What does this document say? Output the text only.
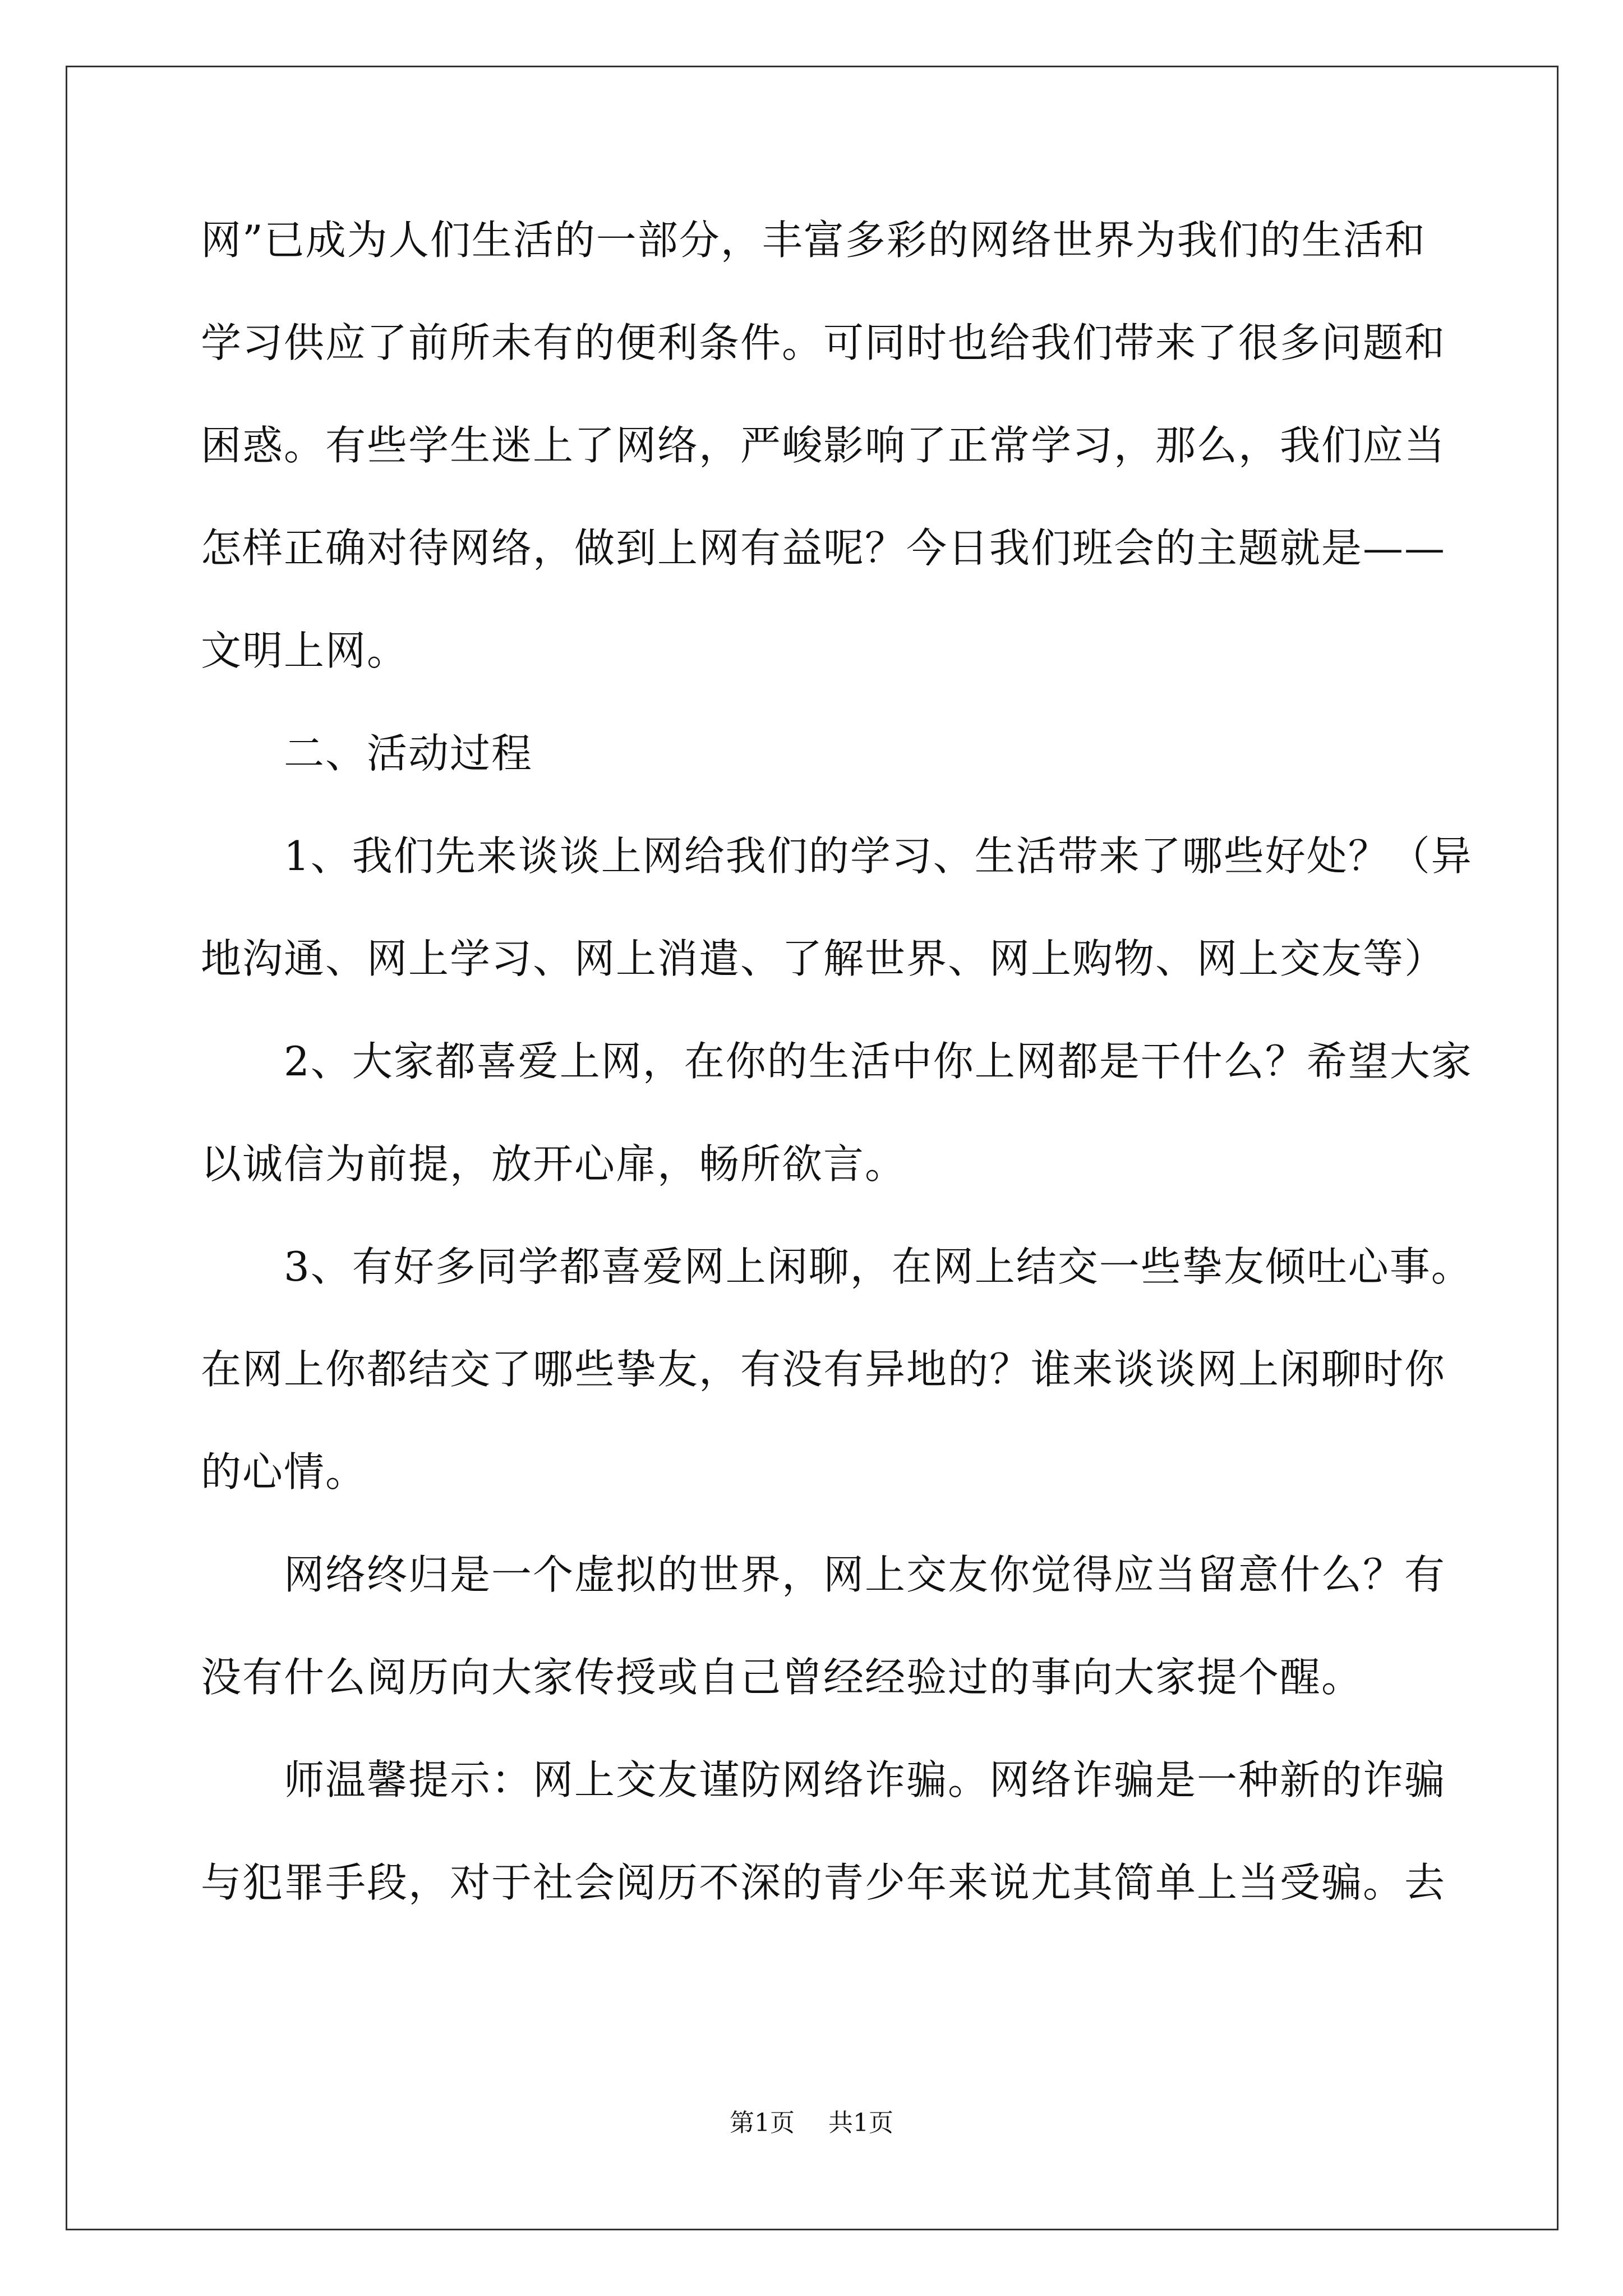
网”已成为人们生活的一部分，丰富多彩的网络世界为我们的生活和
学习供应了前所未有的便利条件。可同时也给我们带来了很多问题和
困惑。有些学生迷上了网络，严峻影响了正常学习，那么，我们应当
怎样正确对待网络，做到上网有益呢？今日我们班会的主题就是——
文明上网。
二、活动过程
1、我们先来谈谈上网给我们的学习、生活带来了哪些好处？（异
地沟通、网上学习、网上消遣、了解世界、网上购物、网上交友等）
2、大家都喜爱上网，在你的生活中你上网都是干什么？希望大家
以诚信为前提，放开心扉，畅所欲言。
3、有好多同学都喜爱网上闲聊，在网上结交一些挚友倾吐心事。
在网上你都结交了哪些挚友，有没有异地的？谁来谈谈网上闲聊时你
的心情。
网络终归是一个虚拟的世界，网上交友你觉得应当留意什么？有
没有什么阅历向大家传授或自己曾经经验过的事向大家提个醒。
师温馨提示：网上交友谨防网络诈骗。网络诈骗是一种新的诈骗
与犯罪手段，对于社会阅历不深的青少年来说尤其简单上当受骗。去
第1页 共1页
